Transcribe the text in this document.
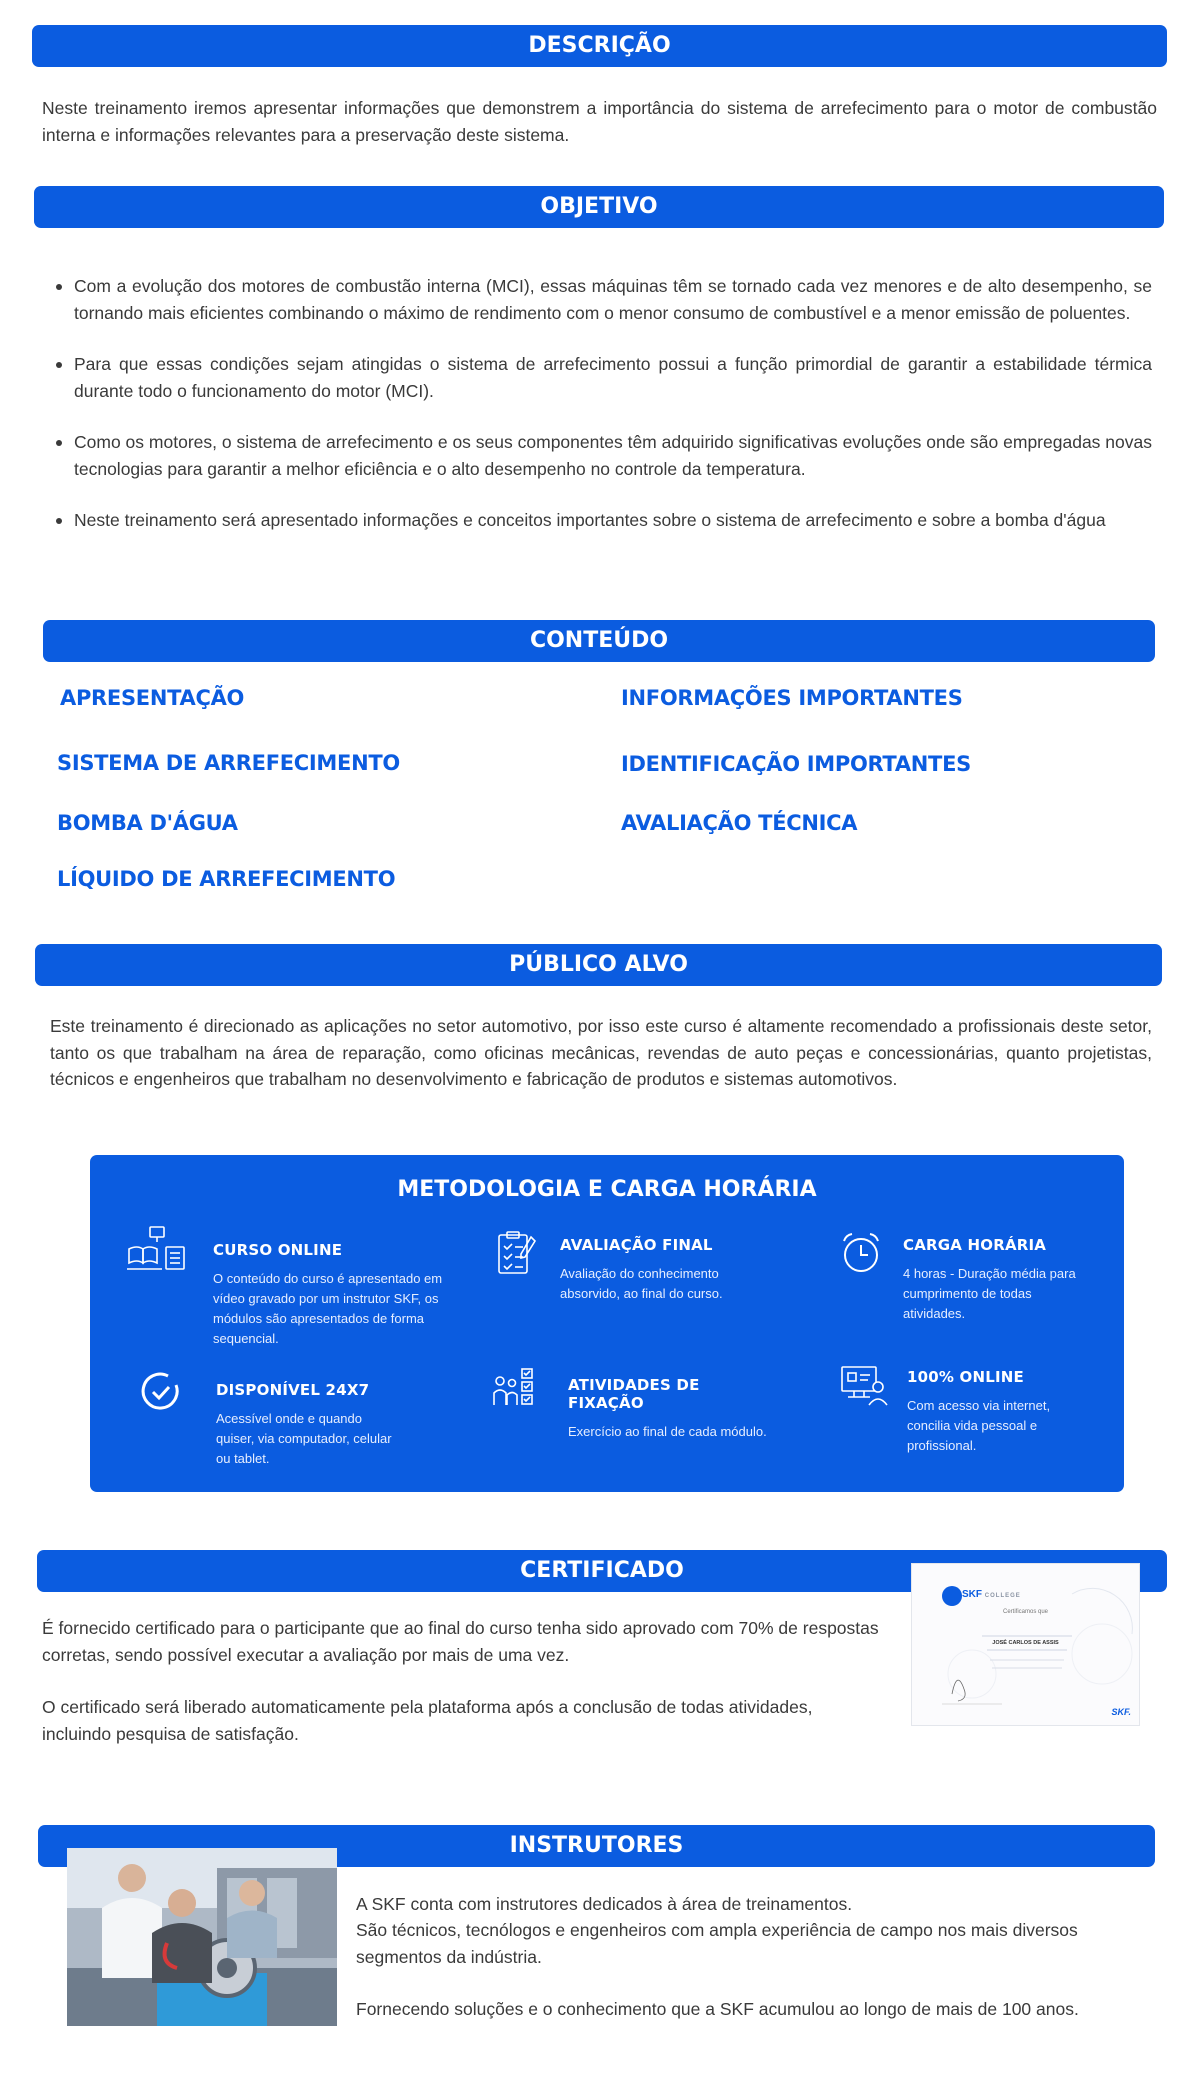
DESCRIÇÃO

Neste treinamento iremos apresentar informações que demonstrem a importância do sistema de arrefecimento para o motor de combustão interna e informações relevantes para a preservação deste sistema.

OBJETIVO
Com a evolução dos motores de combustão interna (MCI), essas máquinas têm se tornado cada vez menores e de alto desempenho, se tornando mais eficientes combinando o máximo de rendimento com o menor consumo de combustível e a menor emissão de poluentes.
Para que essas condições sejam atingidas o sistema de arrefecimento possui a função primordial de garantir a estabilidade térmica durante todo o funcionamento do motor (MCI).
Como os motores, o sistema de arrefecimento e os seus componentes têm adquirido significativas evoluções onde são empregadas novas tecnologias para garantir a melhor eficiência e o alto desempenho no controle da temperatura.
Neste treinamento será apresentado informações e conceitos importantes sobre o sistema de arrefecimento e sobre a bomba d'água
CONTEÚDO
APRESENTAÇÃO	INFORMAÇÕES IMPORTANTES
SISTEMA DE ARREFECIMENTO	IDENTIFICAÇÃO IMPORTANTES
BOMBA D'ÁGUA	AVALIAÇÃO TÉCNICA
LÍQUIDO DE ARREFECIMENTO
PÚBLICO ALVO

Este treinamento é direcionado as aplicações no setor automotivo, por isso este curso é altamente recomendado a profissionais deste setor, tanto os que trabalham na área de reparação, como oficinas mecânicas, revendas de auto peças e concessionárias, quanto projetistas, técnicos e engenheiros que trabalham no desenvolvimento e fabricação de produtos e sistemas automotivos.

METODOLOGIA E CARGA HORÁRIA
CURSO ONLINE
O conteúdo do curso é apresentado em vídeo gravado por um instrutor SKF, os módulos são apresentados de forma sequencial.
AVALIAÇÃO FINAL
Avaliação do conhecimento absorvido, ao final do curso.
CARGA HORÁRIA
4 horas - Duração média para cumprimento de todas atividades.
DISPONÍVEL 24X7
Acessível onde e quando quiser, via computador, celular ou tablet.
ATIVIDADES DE FIXAÇÃO
Exercício ao final de cada módulo.
100% ONLINE
Com acesso via internet, concilia vida pessoal e profissional.
CERTIFICADO

É fornecido certificado para o participante que ao final do curso tenha sido aprovado com 70% de respostas corretas, sendo possível executar a avaliação por mais de uma vez.

O certificado será liberado automaticamente pela plataforma após a conclusão de todas atividades, incluindo pesquisa de satisfação.

SKF COLLEGE
Certificamos que
JOSÉ CARLOS DE ASSIS
SKF.
INSTRUTORES

A SKF conta com instrutores dedicados à área de treinamentos.

São técnicos, tecnólogos e engenheiros com ampla experiência de campo nos mais diversos segmentos da indústria.

Fornecendo soluções e o conhecimento que a SKF acumulou ao longo de mais de 100 anos.
